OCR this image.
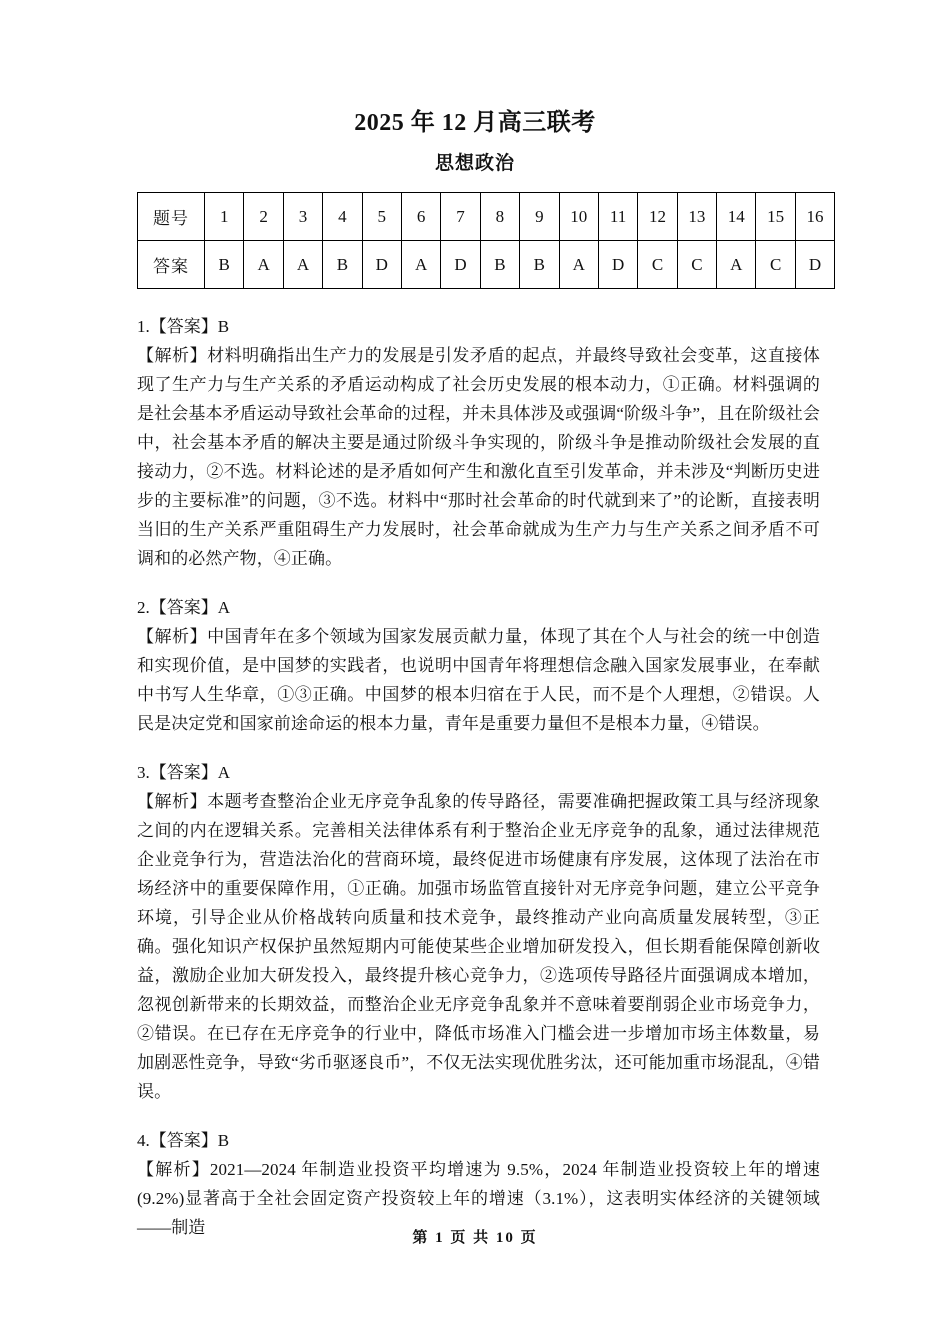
2025 年 12 月高三联考
思想政治
题号	1	2	3	4	5	6	7	8	9	10	11	12	13	14	15	16
答案	B	A	A	B	D	A	D	B	B	A	D	C	C	A	C	D
1.【答案】B
【解析】材料明确指出生产力的发展是引发矛盾的起点，并最终导致社会变革，这直接体现了生产力与生产关系的矛盾运动构成了社会历史发展的根本动力，①正确。材料强调的是社会基本矛盾运动导致社会革命的过程，并未具体涉及或强调“阶级斗争”，且在阶级社会中，社会基本矛盾的解决主要是通过阶级斗争实现的，阶级斗争是推动阶级社会发展的直接动力，②不选。材料论述的是矛盾如何产生和激化直至引发革命，并未涉及“判断历史进步的主要标准”的问题，③不选。材料中“那时社会革命的时代就到来了”的论断，直接表明当旧的生产关系严重阻碍生产力发展时，社会革命就成为生产力与生产关系之间矛盾不可调和的必然产物，④正确。
2.【答案】A
【解析】中国青年在多个领域为国家发展贡献力量，体现了其在个人与社会的统一中创造和实现价值，是中国梦的实践者，也说明中国青年将理想信念融入国家发展事业，在奉献中书写人生华章，①③正确。中国梦的根本归宿在于人民，而不是个人理想，②错误。人民是决定党和国家前途命运的根本力量，青年是重要力量但不是根本力量，④错误。
3.【答案】A
【解析】本题考查整治企业无序竞争乱象的传导路径，需要准确把握政策工具与经济现象之间的内在逻辑关系。完善相关法律体系有利于整治企业无序竞争的乱象，通过法律规范企业竞争行为，营造法治化的营商环境，最终促进市场健康有序发展，这体现了法治在市场经济中的重要保障作用，①正确。加强市场监管直接针对无序竞争问题，建立公平竞争环境，引导企业从价格战转向质量和技术竞争，最终推动产业向高质量发展转型，③正确。强化知识产权保护虽然短期内可能使某些企业增加研发投入，但长期看能保障创新收益，激励企业加大研发投入，最终提升核心竞争力，②选项传导路径片面强调成本增加，忽视创新带来的长期效益，而整治企业无序竞争乱象并不意味着要削弱企业市场竞争力，②错误。在已存在无序竞争的行业中，降低市场准入门槛会进一步增加市场主体数量，易加剧恶性竞争，导致“劣币驱逐良币”，不仅无法实现优胜劣汰，还可能加重市场混乱，④错误。
4.【答案】B
【解析】2021—2024 年制造业投资平均增速为 9.5%，2024 年制造业投资较上年的增速(9.2%)显著高于全社会固定资产投资较上年的增速（3.1%），这表明实体经济的关键领域——制造
第 1 页 共 10 页
